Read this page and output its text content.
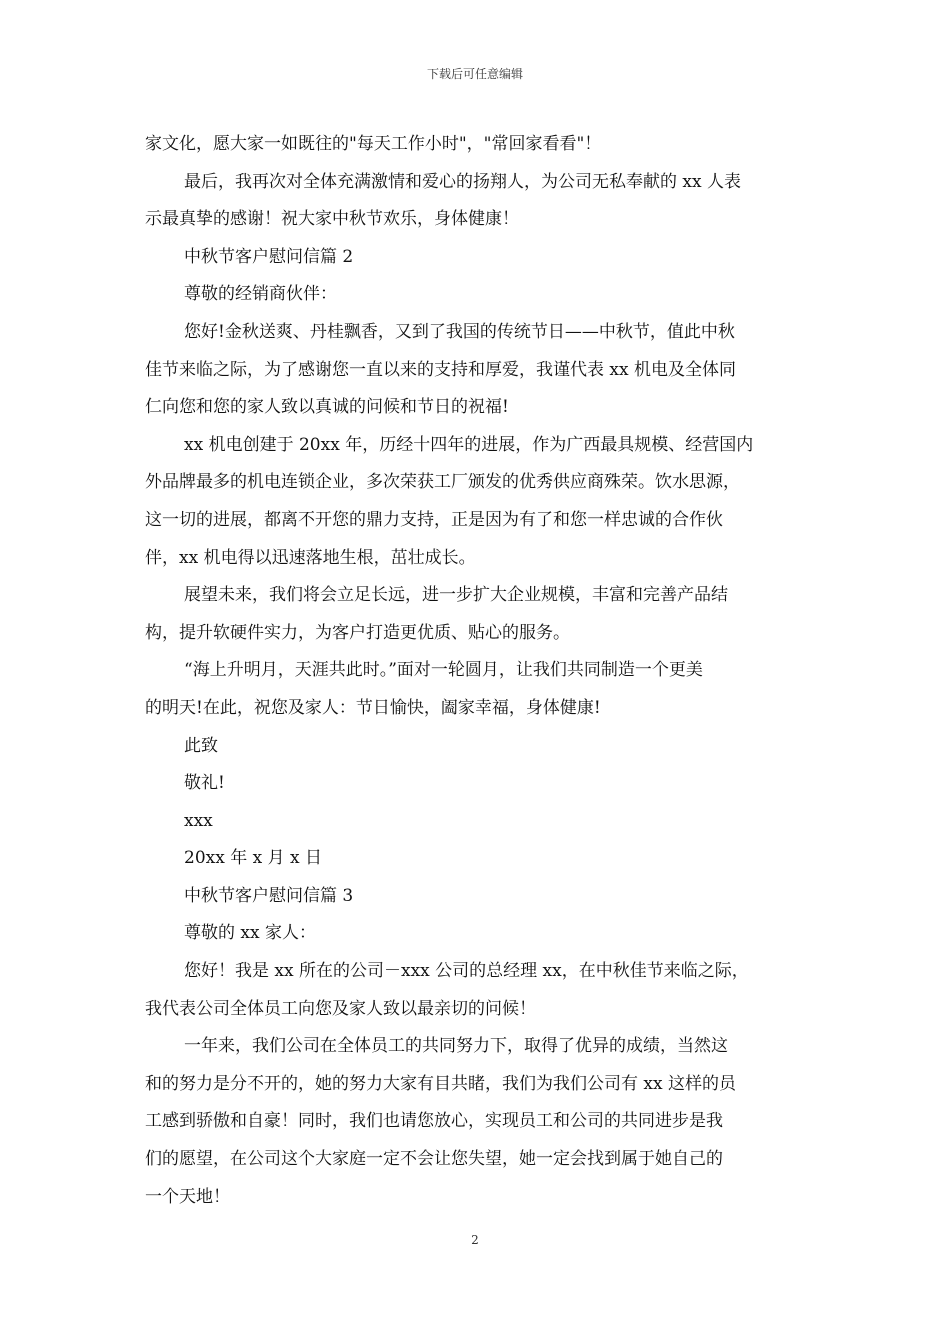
下载后可任意编辑
家文化，愿大家一如既往的"每天工作小时"，"常回家看看"！
最后，我再次对全体充满激情和爱心的扬翔人，为公司无私奉献的 xx 人表
示最真挚的感谢！祝大家中秋节欢乐，身体健康！
中秋节客户慰问信篇 2
尊敬的经销商伙伴：
您好!金秋送爽、丹桂飘香，又到了我国的传统节日——中秋节，值此中秋
佳节来临之际，为了感谢您一直以来的支持和厚爱，我谨代表 xx 机电及全体同
仁向您和您的家人致以真诚的问候和节日的祝福!
xx 机电创建于 20xx 年，历经十四年的进展，作为广西最具规模、经营国内
外品牌最多的机电连锁企业，多次荣获工厂颁发的优秀供应商殊荣。饮水思源，
这一切的进展，都离不开您的鼎力支持，正是因为有了和您一样忠诚的合作伙
伴，xx 机电得以迅速落地生根，茁壮成长。
展望未来，我们将会立足长远，进一步扩大企业规模，丰富和完善产品结
构，提升软硬件实力，为客户打造更优质、贴心的服务。
“海上升明月，天涯共此时。”面对一轮圆月，让我们共同制造一个更美
的明天!在此，祝您及家人：节日愉快，阖家幸福，身体健康!
此致
敬礼!
xxx
20xx 年 x 月 x 日
中秋节客户慰问信篇 3
尊敬的 xx 家人：
您好！我是 xx 所在的公司－xxx 公司的总经理 xx，在中秋佳节来临之际，
我代表公司全体员工向您及家人致以最亲切的问候！
一年来，我们公司在全体员工的共同努力下，取得了优异的成绩，当然这
和的努力是分不开的，她的努力大家有目共睹，我们为我们公司有 xx 这样的员
工感到骄傲和自豪！同时，我们也请您放心，实现员工和公司的共同进步是我
们的愿望，在公司这个大家庭一定不会让您失望，她一定会找到属于她自己的
一个天地！
2
